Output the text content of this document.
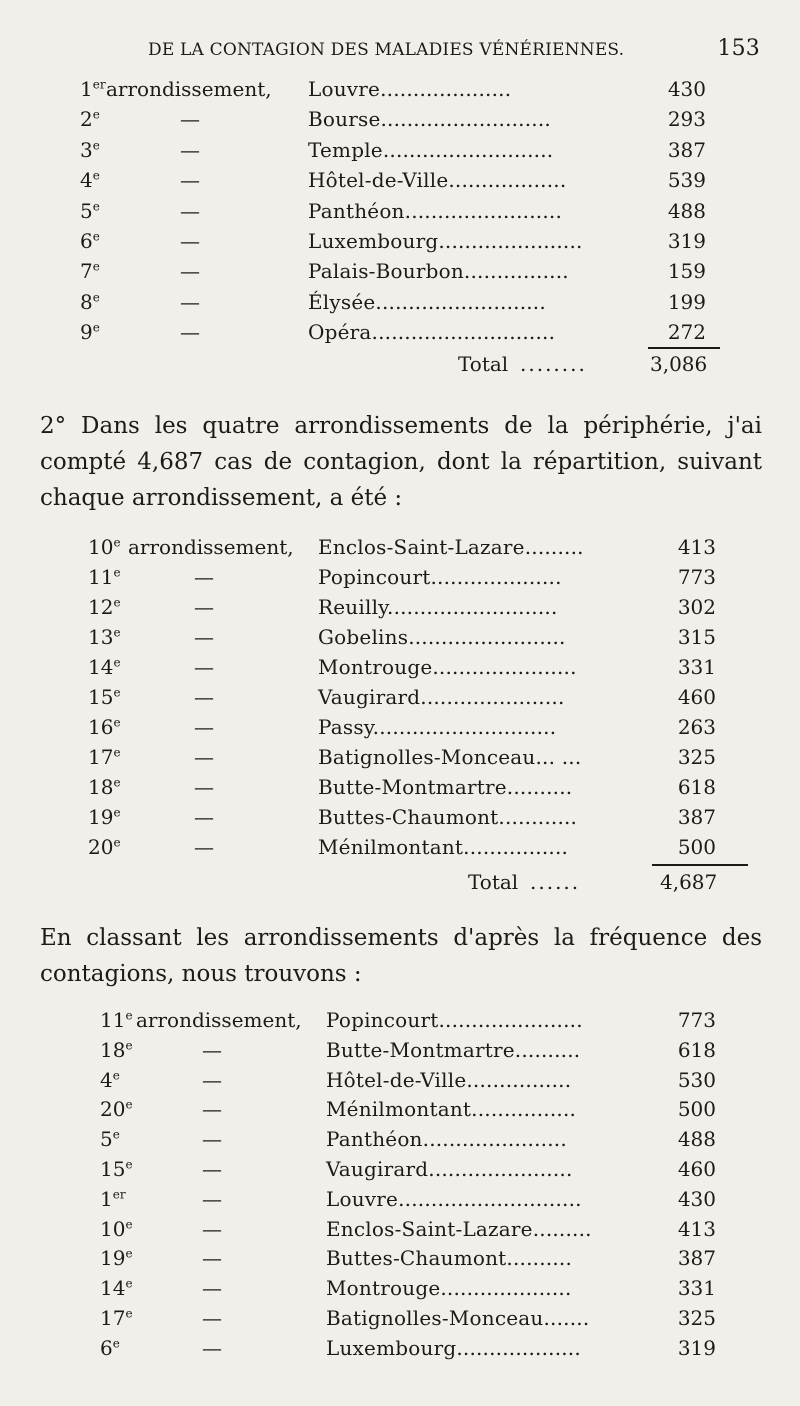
DE LA CONTAGION DES MALADIES VÉNÉRIENNES.	153
1er arrondissement, Louvre....................	430
2e	—	Bourse..........................	293
3e	—	Temple..........................	387
4e	—	Hôtel-de-Ville..................	539
5e	—	Panthéon........................	488
6e	—	Luxembourg......................	319
7e	—	Palais-Bourbon................	159
8e	—	Élysée..........................	199
9e	—	Opéra............................	272
Total ........	3,086
2° Dans les quatre arrondissements de la périphérie, j'ai compté 4,687 cas de contagion, dont la répartition, suivant chaque arrondissement, a été :
10e arrondissement, Enclos-Saint-Lazare.........	413
11e	—	Popincourt....................	773
12e	—	Reuilly..........................	302
13e	—	Gobelins........................	315
14e	—	Montrouge......................	331
15e	—	Vaugirard......................	460
16e	—	Passy............................	263
17e	—	Batignolles-Monceau... ...	325
18e	—	Butte-Montmartre..........	618
19e	—	Buttes-Chaumont............	387
20e	—	Ménilmontant................	500
Total ......	4,687
En classant les arrondissements d'après la fréquence des contagions, nous trouvons :
11e arrondissement, Popincourt......................	773
18e	—	Butte-Montmartre..........	618
4e	—	Hôtel-de-Ville................	530
20e	—	Ménilmontant................	500
5e	—	Panthéon......................	488
15e	—	Vaugirard......................	460
1er	—	Louvre............................	430
10e	—	Enclos-Saint-Lazare.........	413
19e	—	Buttes-Chaumont..........	387
14e	—	Montrouge....................	331
17e	—	Batignolles-Monceau.......	325
6e	—	Luxembourg...................	319
